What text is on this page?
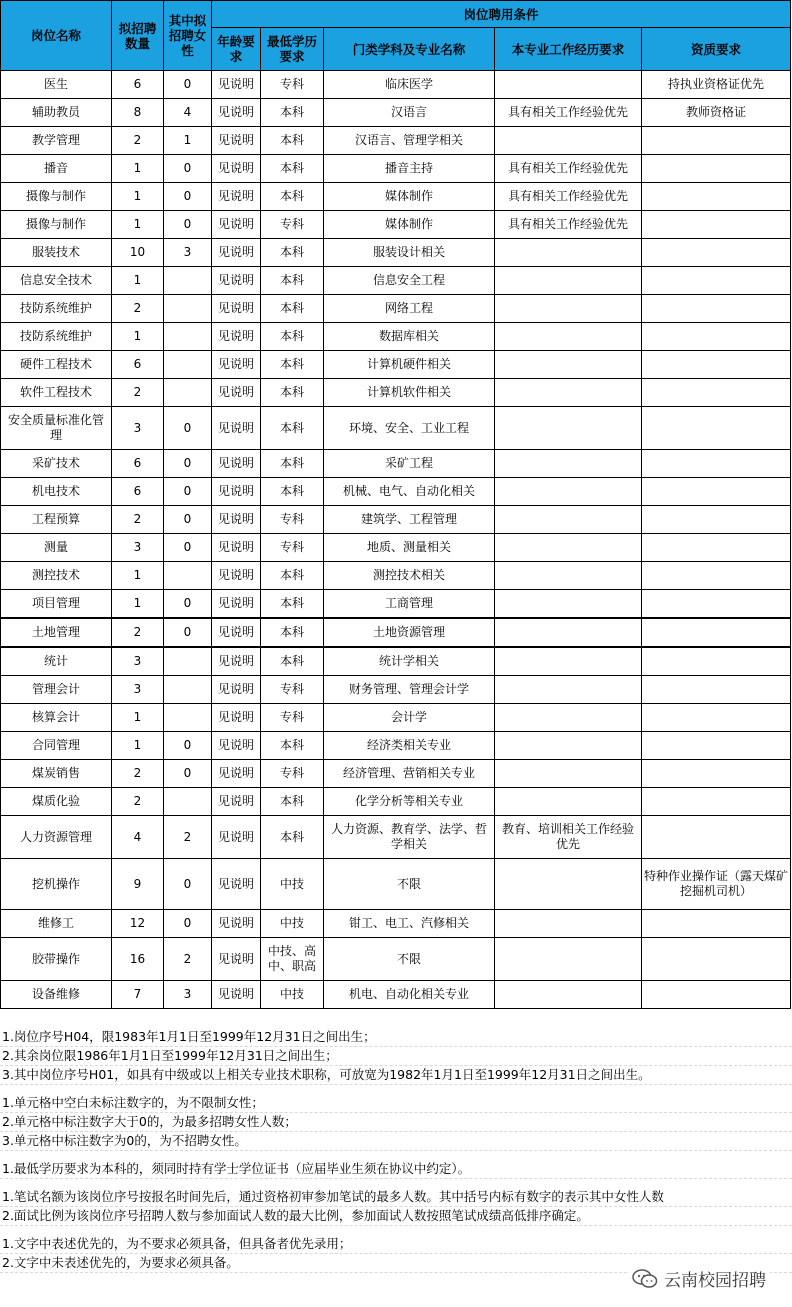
岗位名称	拟招聘数量	其中拟招聘女性	岗位聘用条件				
			年龄要求	最低学历要求	门类学科及专业名称	本专业工作经历要求	资质要求
医生	6	0	见说明	专科	临床医学		持执业资格证优先
辅助教员	8	4	见说明	本科	汉语言	具有相关工作经验优先	教师资格证
教学管理	2	1	见说明	本科	汉语言、管理学相关		
播音	1	0	见说明	本科	播音主持	具有相关工作经验优先	
摄像与制作	1	0	见说明	本科	媒体制作	具有相关工作经验优先	
摄像与制作	1	0	见说明	专科	媒体制作	具有相关工作经验优先	
服装技术	10	3	见说明	本科	服装设计相关		
信息安全技术	1		见说明	本科	信息安全工程		
技防系统维护	2		见说明	本科	网络工程		
技防系统维护	1		见说明	本科	数据库相关		
硬件工程技术	6		见说明	本科	计算机硬件相关		
软件工程技术	2		见说明	本科	计算机软件相关		
安全质量标准化管理	3	0	见说明	本科	环境、安全、工业工程		
采矿技术	6	0	见说明	本科	采矿工程		
机电技术	6	0	见说明	本科	机械、电气、自动化相关		
工程预算	2	0	见说明	专科	建筑学、工程管理		
测量	3	0	见说明	专科	地质、测量相关		
测控技术	1		见说明	本科	测控技术相关		
项目管理	1	0	见说明	本科	工商管理		
土地管理	2	0	见说明	本科	土地资源管理		
统计	3		见说明	本科	统计学相关		
管理会计	3		见说明	专科	财务管理、管理会计学		
核算会计	1		见说明	专科	会计学		
合同管理	1	0	见说明	本科	经济类相关专业		
煤炭销售	2	0	见说明	专科	经济管理、营销相关专业		
煤质化验	2		见说明	本科	化学分析等相关专业		
人力资源管理	4	2	见说明	本科	人力资源、教育学、法学、哲学相关	教育、培训相关工作经验优先	
挖机操作	9	0	见说明	中技	不限		特种作业操作证（露天煤矿挖掘机司机）
维修工	12	0	见说明	中技	钳工、电工、汽修相关		
胶带操作	16	2	见说明	中技、高中、职高	不限		
设备维修	7	3	见说明	中技	机电、自动化相关专业		
1.岗位序号H04，限1983年1月1日至1999年12月31日之间出生；
2.其余岗位限1986年1月1日至1999年12月31日之间出生；
3.其中岗位序号H01，如具有中级或以上相关专业技术职称，可放宽为1982年1月1日至1999年12月31日之间出生。
1.单元格中空白未标注数字的，为不限制女性；
2.单元格中标注数字大于0的，为最多招聘女性人数；
3.单元格中标注数字为0的，为不招聘女性。
1.最低学历要求为本科的，须同时持有学士学位证书（应届毕业生须在协议中约定）。
1.笔试名额为该岗位序号按报名时间先后，通过资格初审参加笔试的最多人数。其中括号内标有数字的表示其中女性人数
2.面试比例为该岗位序号招聘人数与参加面试人数的最大比例，参加面试人数按照笔试成绩高低排序确定。
1.文字中表述优先的，为不要求必须具备，但具备者优先录用；
2.文字中未表述优先的，为要求必须具备。
云南校园招聘
